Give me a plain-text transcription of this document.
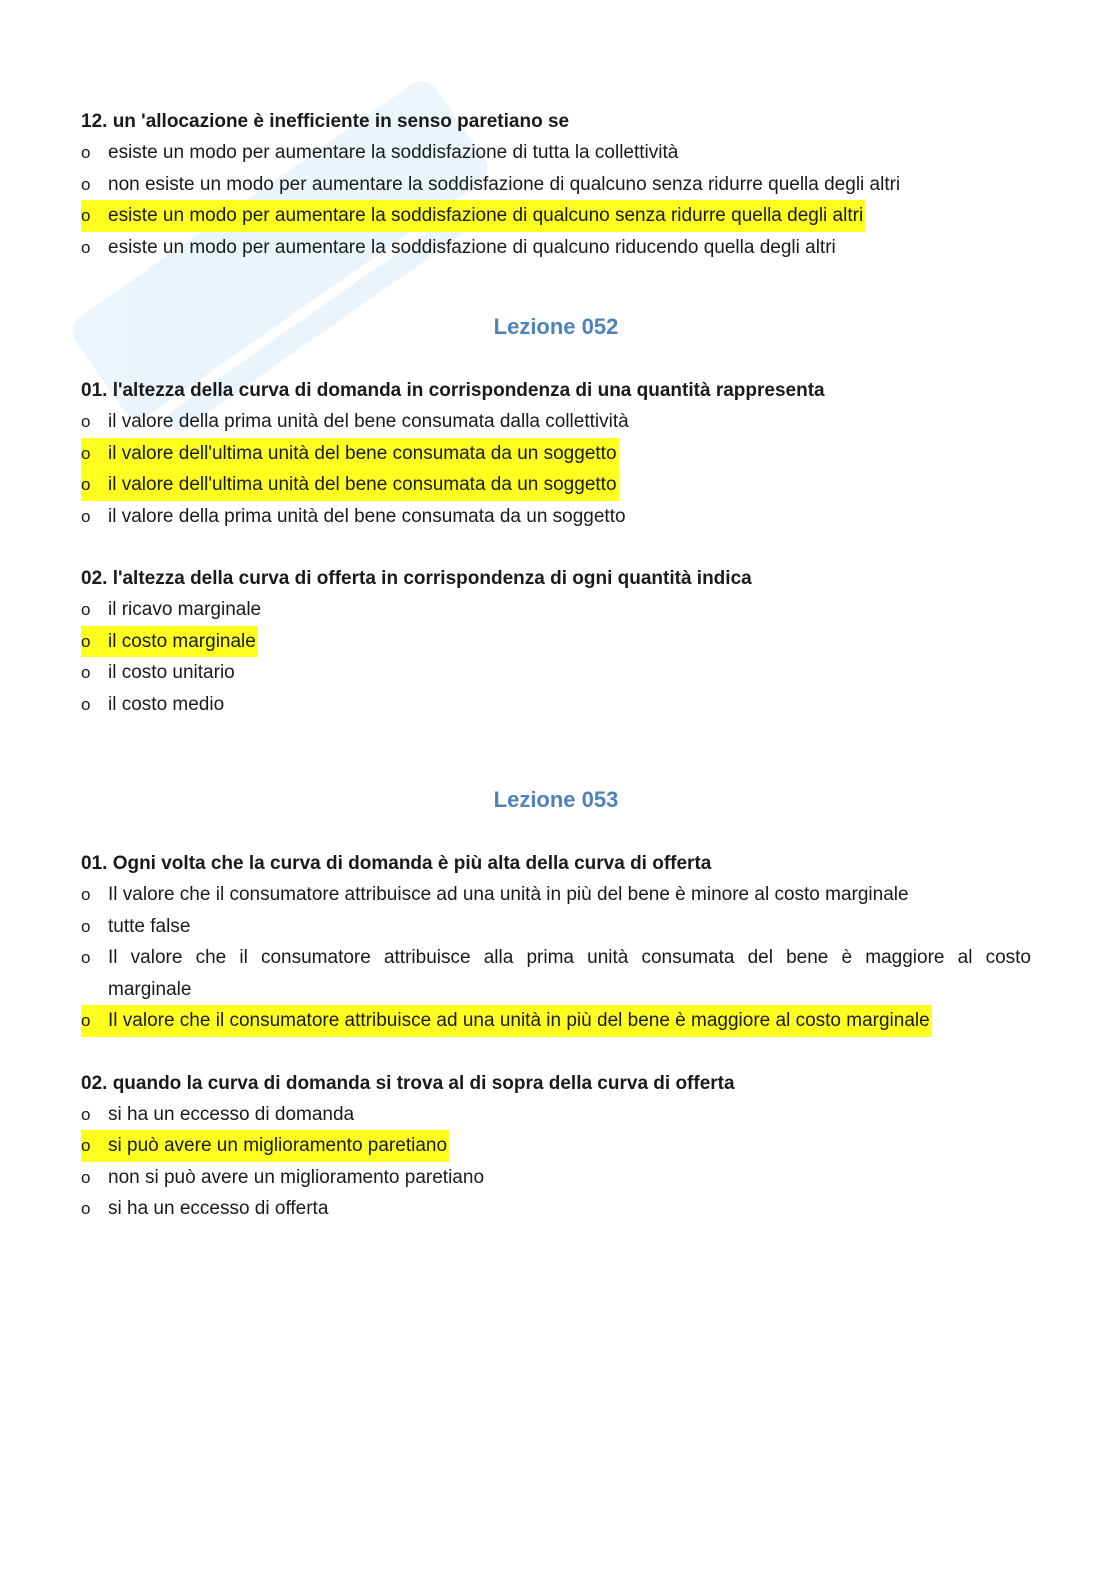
12. un 'allocazione è inefficiente in senso paretiano se
o esiste un modo per aumentare la soddisfazione di tutta la collettività
o non esiste un modo per aumentare la soddisfazione di qualcuno senza ridurre quella degli altri
o esiste un modo per aumentare la soddisfazione di qualcuno senza ridurre quella degli altri
o esiste un modo per aumentare la soddisfazione di qualcuno riducendo quella degli altri
Lezione 052
01. l'altezza della curva di domanda in corrispondenza di una quantità rappresenta
o il valore della prima unità del bene consumata dalla collettività
o il valore dell'ultima unità del bene consumata da un soggetto
o il valore dell'ultima unità del bene consumata da un soggetto
o il valore della prima unità del bene consumata da un soggetto
02. l'altezza della curva di offerta in corrispondenza di ogni quantità indica
o il ricavo marginale
o il costo marginale
o il costo unitario
o il costo medio
Lezione 053
01. Ogni volta che la curva di domanda è più alta della curva di offerta
o Il valore che il consumatore attribuisce ad una unità in più del bene è minore al costo marginale
o tutte false
o Il valore che il consumatore attribuisce alla prima unità consumata del bene è maggiore al costo
marginale
o Il valore che il consumatore attribuisce ad una unità in più del bene è maggiore al costo marginale
02. quando la curva di domanda si trova al di sopra della curva di offerta
o si ha un eccesso di domanda
o si può avere un miglioramento paretiano
o non si può avere un miglioramento paretiano
o si ha un eccesso di offerta
